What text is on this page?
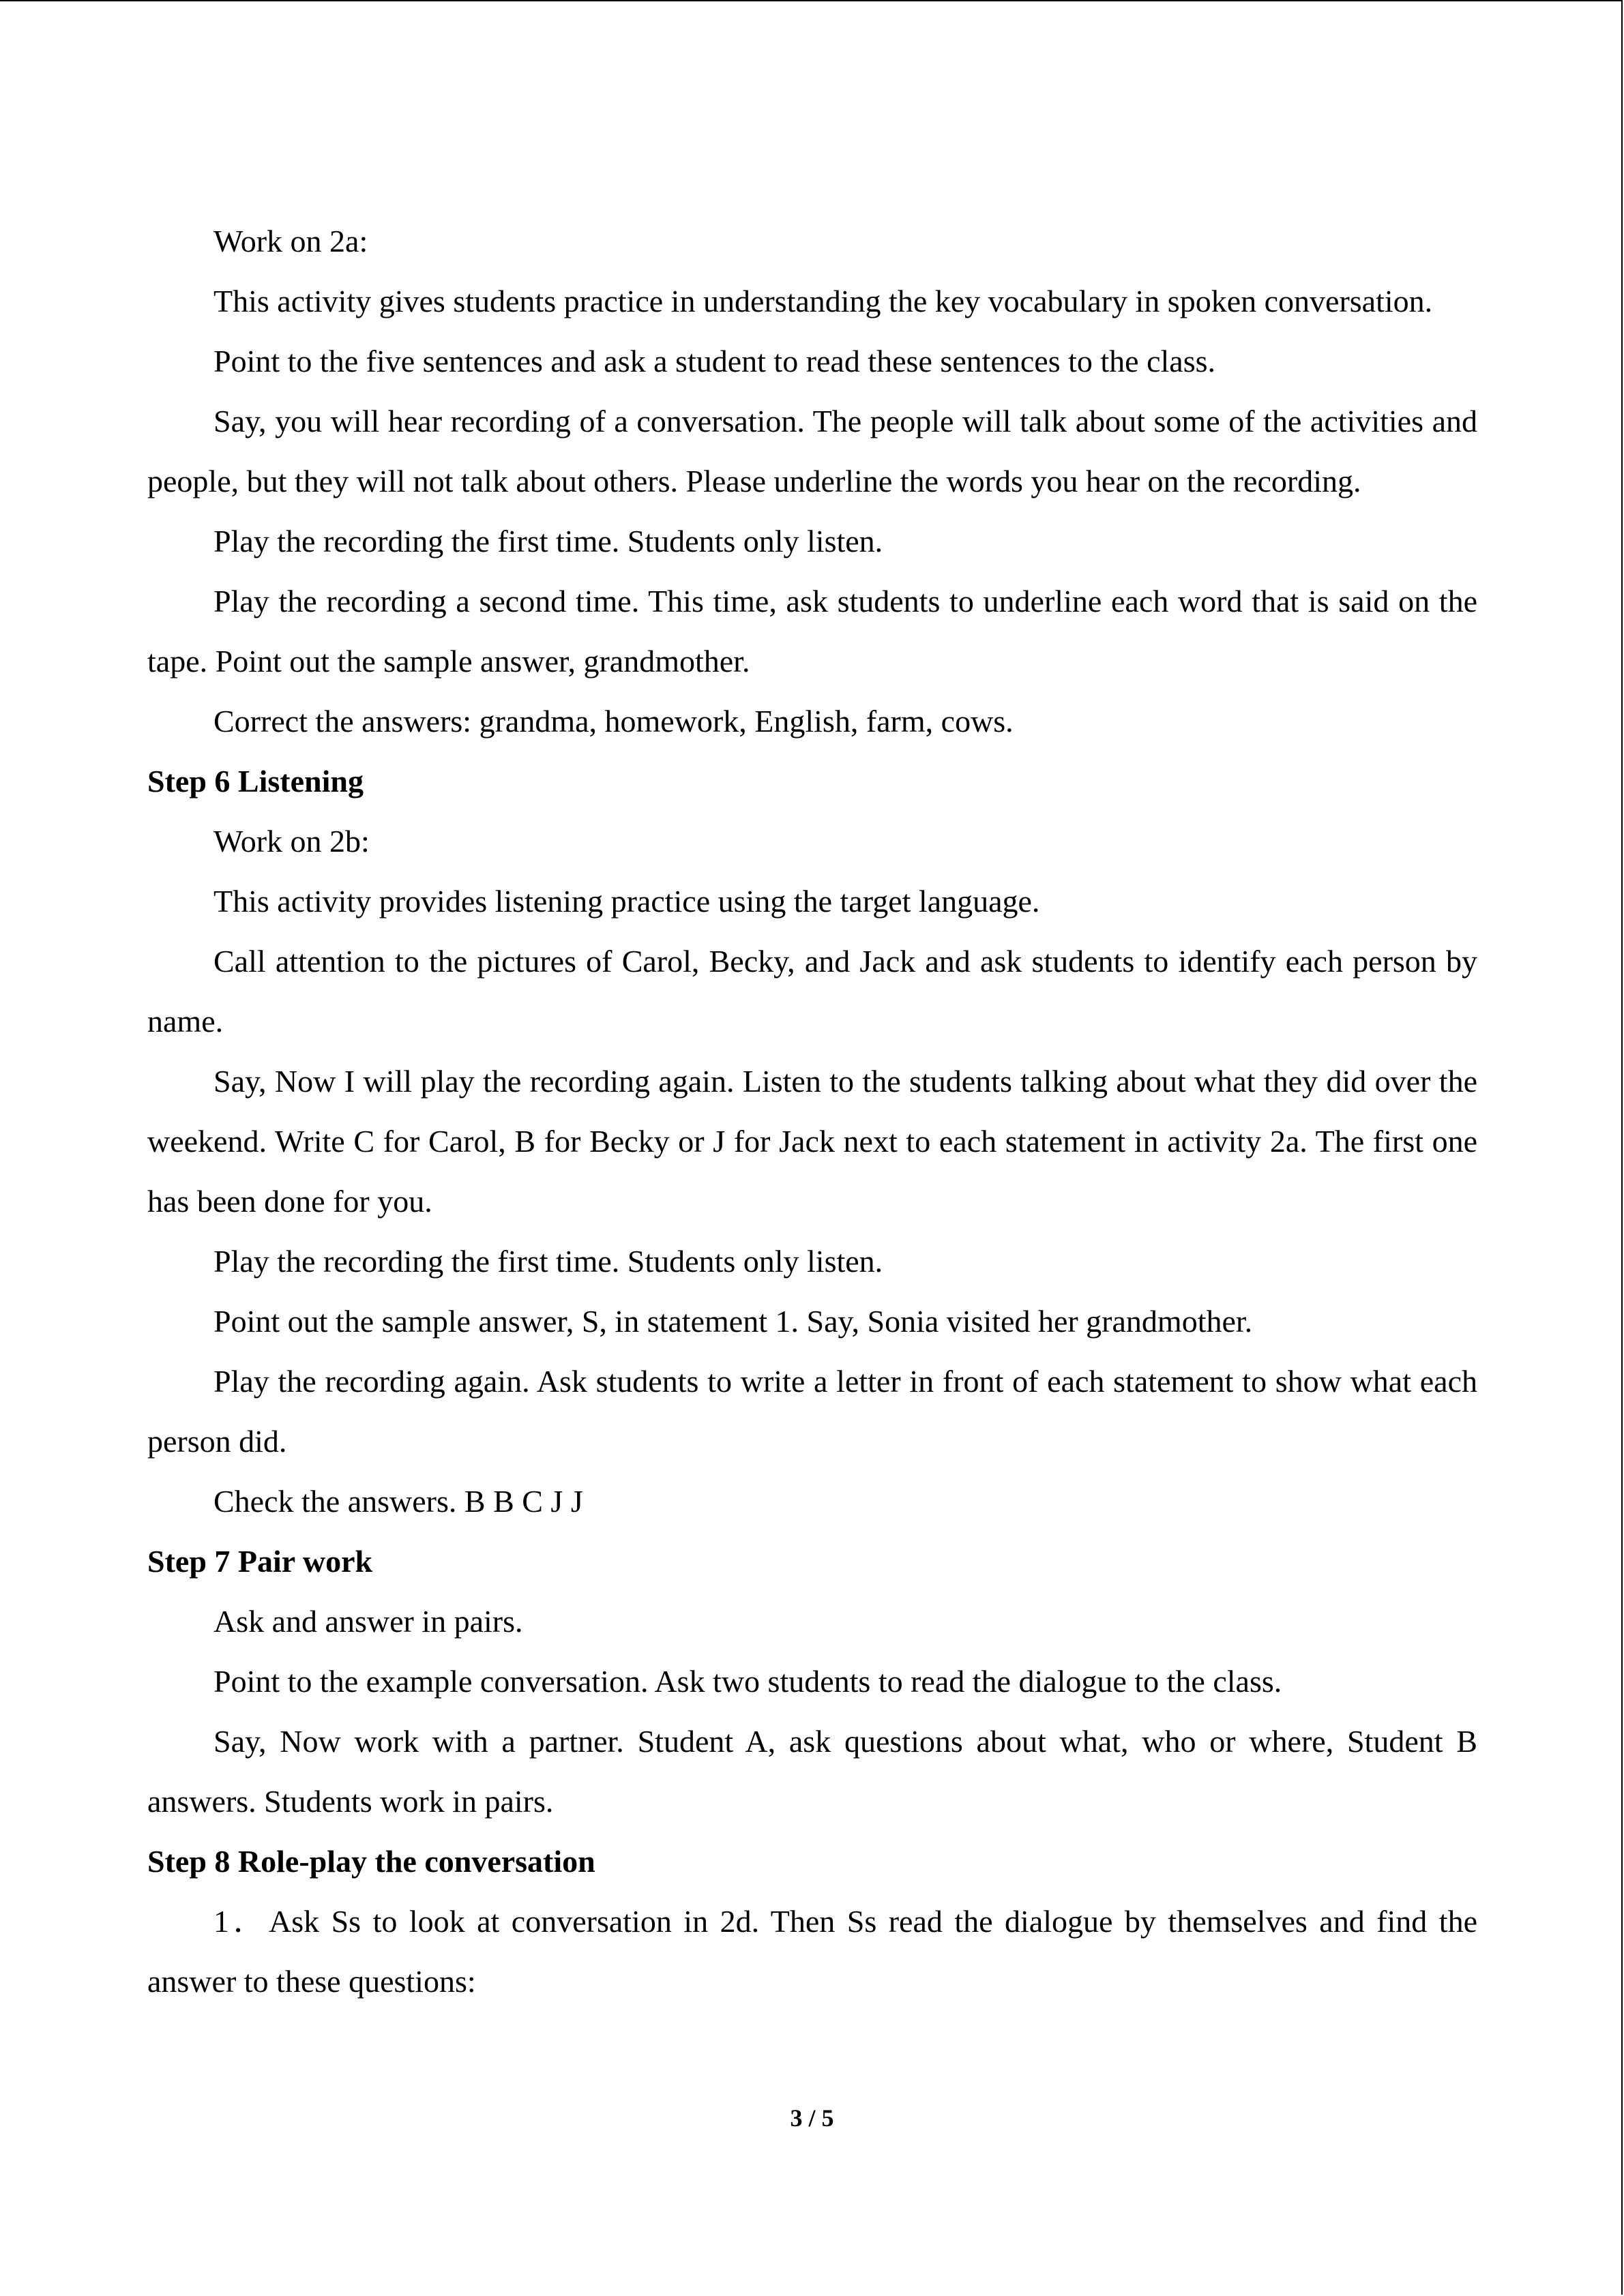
Work on 2a:

This activity gives students practice in understanding the key vocabulary in spoken conversation.

Point to the five sentences and ask a student to read these sentences to the class.

Say, you will hear recording of a conversation. The people will talk about some of the activities and people, but they will not talk about others. Please underline the words you hear on the recording.

Play the recording the first time. Students only listen.

Play the recording a second time. This time, ask students to underline each word that is said on the tape. Point out the sample answer, grandmother.

Correct the answers: grandma, homework, English, farm, cows.

Step 6 Listening

Work on 2b:

This activity provides listening practice using the target language.

Call attention to the pictures of Carol, Becky, and Jack and ask students to identify each person by name.

Say, Now I will play the recording again. Listen to the students talking about what they did over the weekend. Write C for Carol, B for Becky or J for Jack next to each statement in activity 2a. The first one has been done for you.

Play the recording the first time. Students only listen.

Point out the sample answer, S, in statement 1. Say, Sonia visited her grandmother.

Play the recording again. Ask students to write a letter in front of each statement to show what each person did.

Check the answers. B B C J J

Step 7 Pair work

Ask and answer in pairs.

Point to the example conversation. Ask two students to read the dialogue to the class.

Say, Now work with a partner. Student A, ask questions about what, who or where, Student B answers. Students work in pairs.

Step 8 Role-play the conversation

1．Ask Ss to look at conversation in 2d. Then Ss read the dialogue by themselves and find the answer to these questions:

3 / 5
